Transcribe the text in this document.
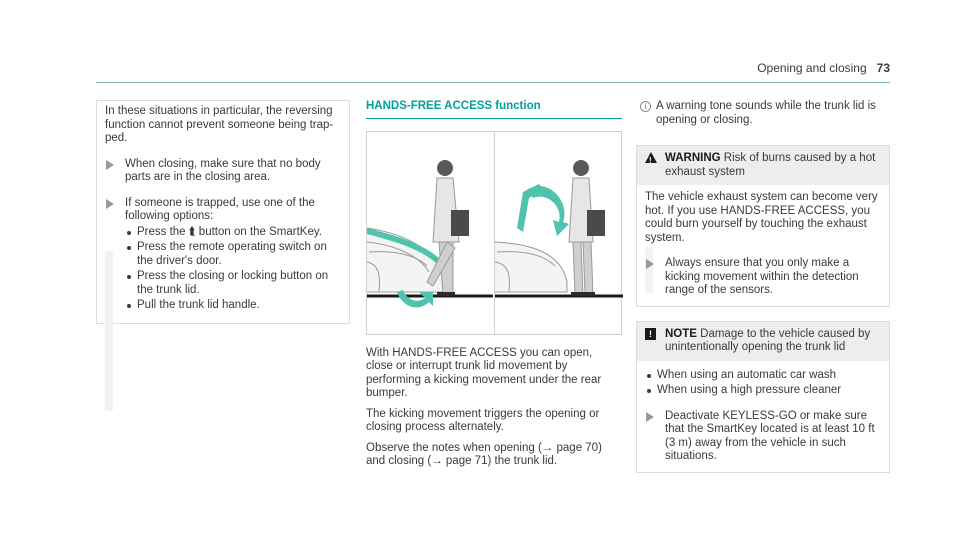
Opening and closing 73

In these situations in particular, the reversing function cannot prevent someone being trap-ped.

When closing, make sure that no body parts are in the closing area.
If someone is trapped, use one of the following options:
Press the ⮬ button on the SmartKey.
Press the remote operating switch on the driver's door.
Press the closing or locking button on the trunk lid.
Pull the trunk lid handle.
HANDS-FREE ACCESS function

With HANDS-FREE ACCESS you can open, close or interrupt trunk lid movement by performing a kicking movement under the rear bumper.

The kicking movement triggers the opening or closing process alternately.

Observe the notes when opening (→ page 70) and closing (→ page 71) the trunk lid.

i A warning tone sounds while the trunk lid is opening or closing.
! WARNING Risk of burns caused by a hot exhaust system

The vehicle exhaust system can become very hot. If you use HANDS-FREE ACCESS, you could burn yourself by touching the exhaust system.

Always ensure that you only make a kicking movement within the detection range of the sensors.
!	NOTE Damage to the vehicle caused by unintentionally opening the trunk lid
When using an automatic car wash
When using a high pressure cleaner
Deactivate KEYLESS-GO or make sure that the SmartKey located is at least 10 ft (3 m) away from the vehicle in such situations.
